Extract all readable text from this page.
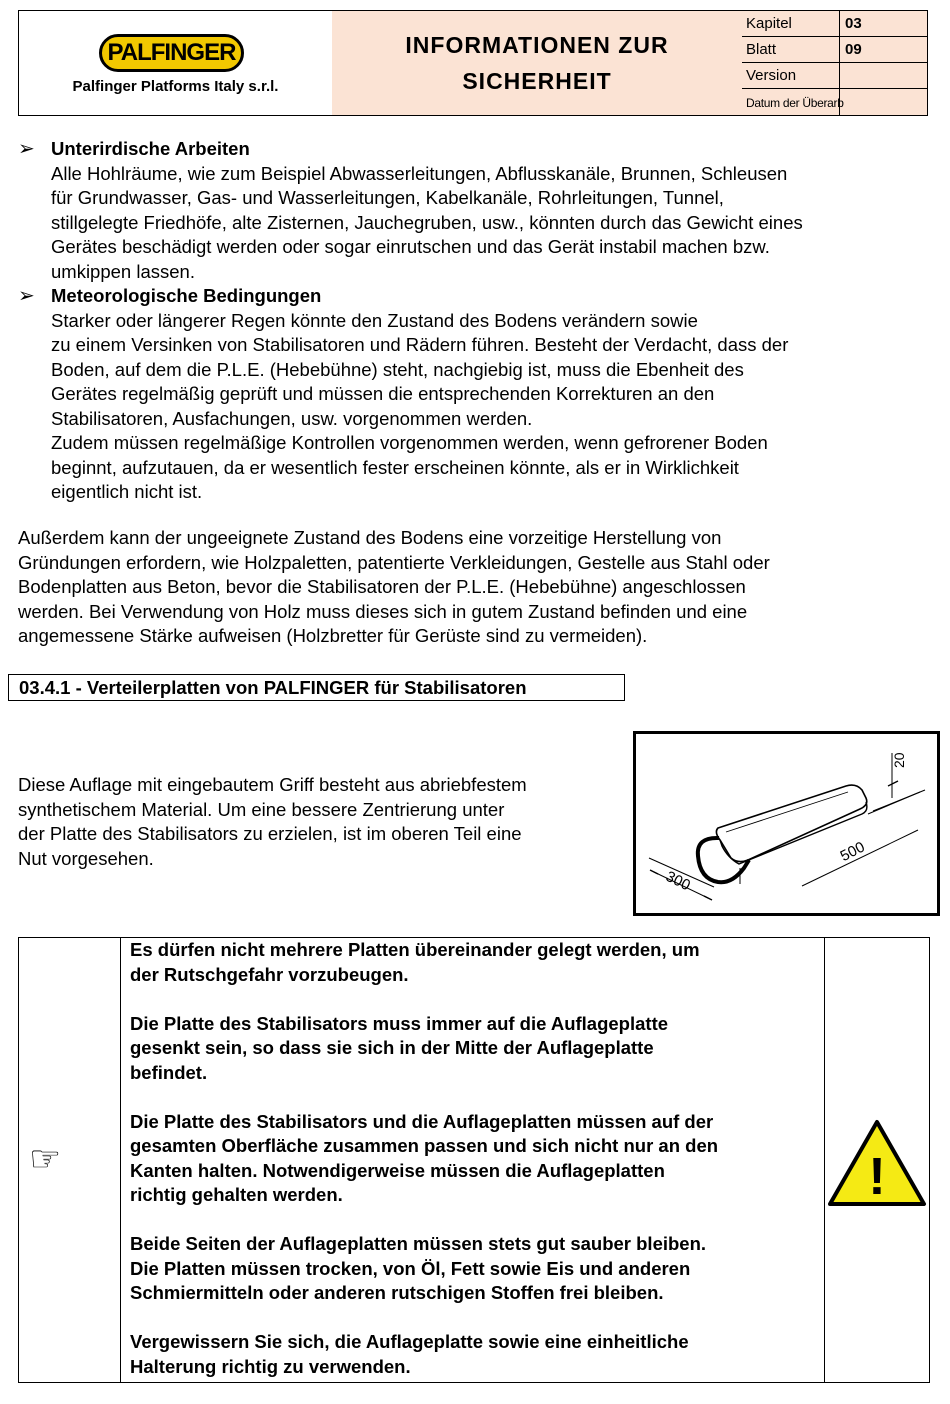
PALFINGER
Palfinger Platforms Italy s.r.l.
INFORMATIONEN ZUR
SICHERHEIT
Kapitel	03
Blatt	09
Version
Datum der Überarb
➢ Unterirdische Arbeiten
Alle Hohlräume, wie zum Beispiel Abwasserleitungen, Abflusskanäle, Brunnen, Schleusen
für Grundwasser, Gas- und Wasserleitungen, Kabelkanäle, Rohrleitungen, Tunnel,
stillgelegte Friedhöfe, alte Zisternen, Jauchegruben, usw., könnten durch das Gewicht eines
Gerätes beschädigt werden oder sogar einrutschen und das Gerät instabil machen bzw.
umkippen lassen.
➢ Meteorologische Bedingungen
Starker oder längerer Regen könnte den Zustand des Bodens verändern sowie
zu einem Versinken von Stabilisatoren und Rädern führen. Besteht der Verdacht, dass der
Boden, auf dem die P.L.E. (Hebebühne) steht, nachgiebig ist, muss die Ebenheit des
Gerätes regelmäßig geprüft und müssen die entsprechenden Korrekturen an den
Stabilisatoren, Ausfachungen, usw. vorgenommen werden.
Zudem müssen regelmäßige Kontrollen vorgenommen werden, wenn gefrorener Boden
beginnt, aufzutauen, da er wesentlich fester erscheinen könnte, als er in Wirklichkeit
eigentlich nicht ist.
Außerdem kann der ungeeignete Zustand des Bodens eine vorzeitige Herstellung von
Gründungen erfordern, wie Holzpaletten, patentierte Verkleidungen, Gestelle aus Stahl oder
Bodenplatten aus Beton, bevor die Stabilisatoren der P.L.E. (Hebebühne) angeschlossen
werden. Bei Verwendung von Holz muss dieses sich in gutem Zustand befinden und eine
angemessene Stärke aufweisen (Holzbretter für Gerüste sind zu vermeiden).
03.4.1 - Verteilerplatten von PALFINGER für Stabilisatoren
Diese Auflage mit eingebautem Griff besteht aus abriebfestem
synthetischem Material. Um eine bessere Zentrierung unter
der Platte des Stabilisators zu erzielen, ist im oberen Teil eine
Nut vorgesehen.
300
500
20
☞

Es dürfen nicht mehrere Platten übereinander gelegt werden, um
der Rutschgefahr vorzubeugen.

Die Platte des Stabilisators muss immer auf die Auflageplatte
gesenkt sein, so dass sie sich in der Mitte der Auflageplatte
befindet.

Die Platte des Stabilisators und die Auflageplatten müssen auf der
gesamten Oberfläche zusammen passen und sich nicht nur an den
Kanten halten. Notwendigerweise müssen die Auflageplatten
richtig gehalten werden.

Beide Seiten der Auflageplatten müssen stets gut sauber bleiben.
Die Platten müssen trocken, von Öl, Fett sowie Eis und anderen
Schmiermitteln oder anderen rutschigen Stoffen frei bleiben.

Vergewissern Sie sich, die Auflageplatte sowie eine einheitliche
Halterung richtig zu verwenden.

!
